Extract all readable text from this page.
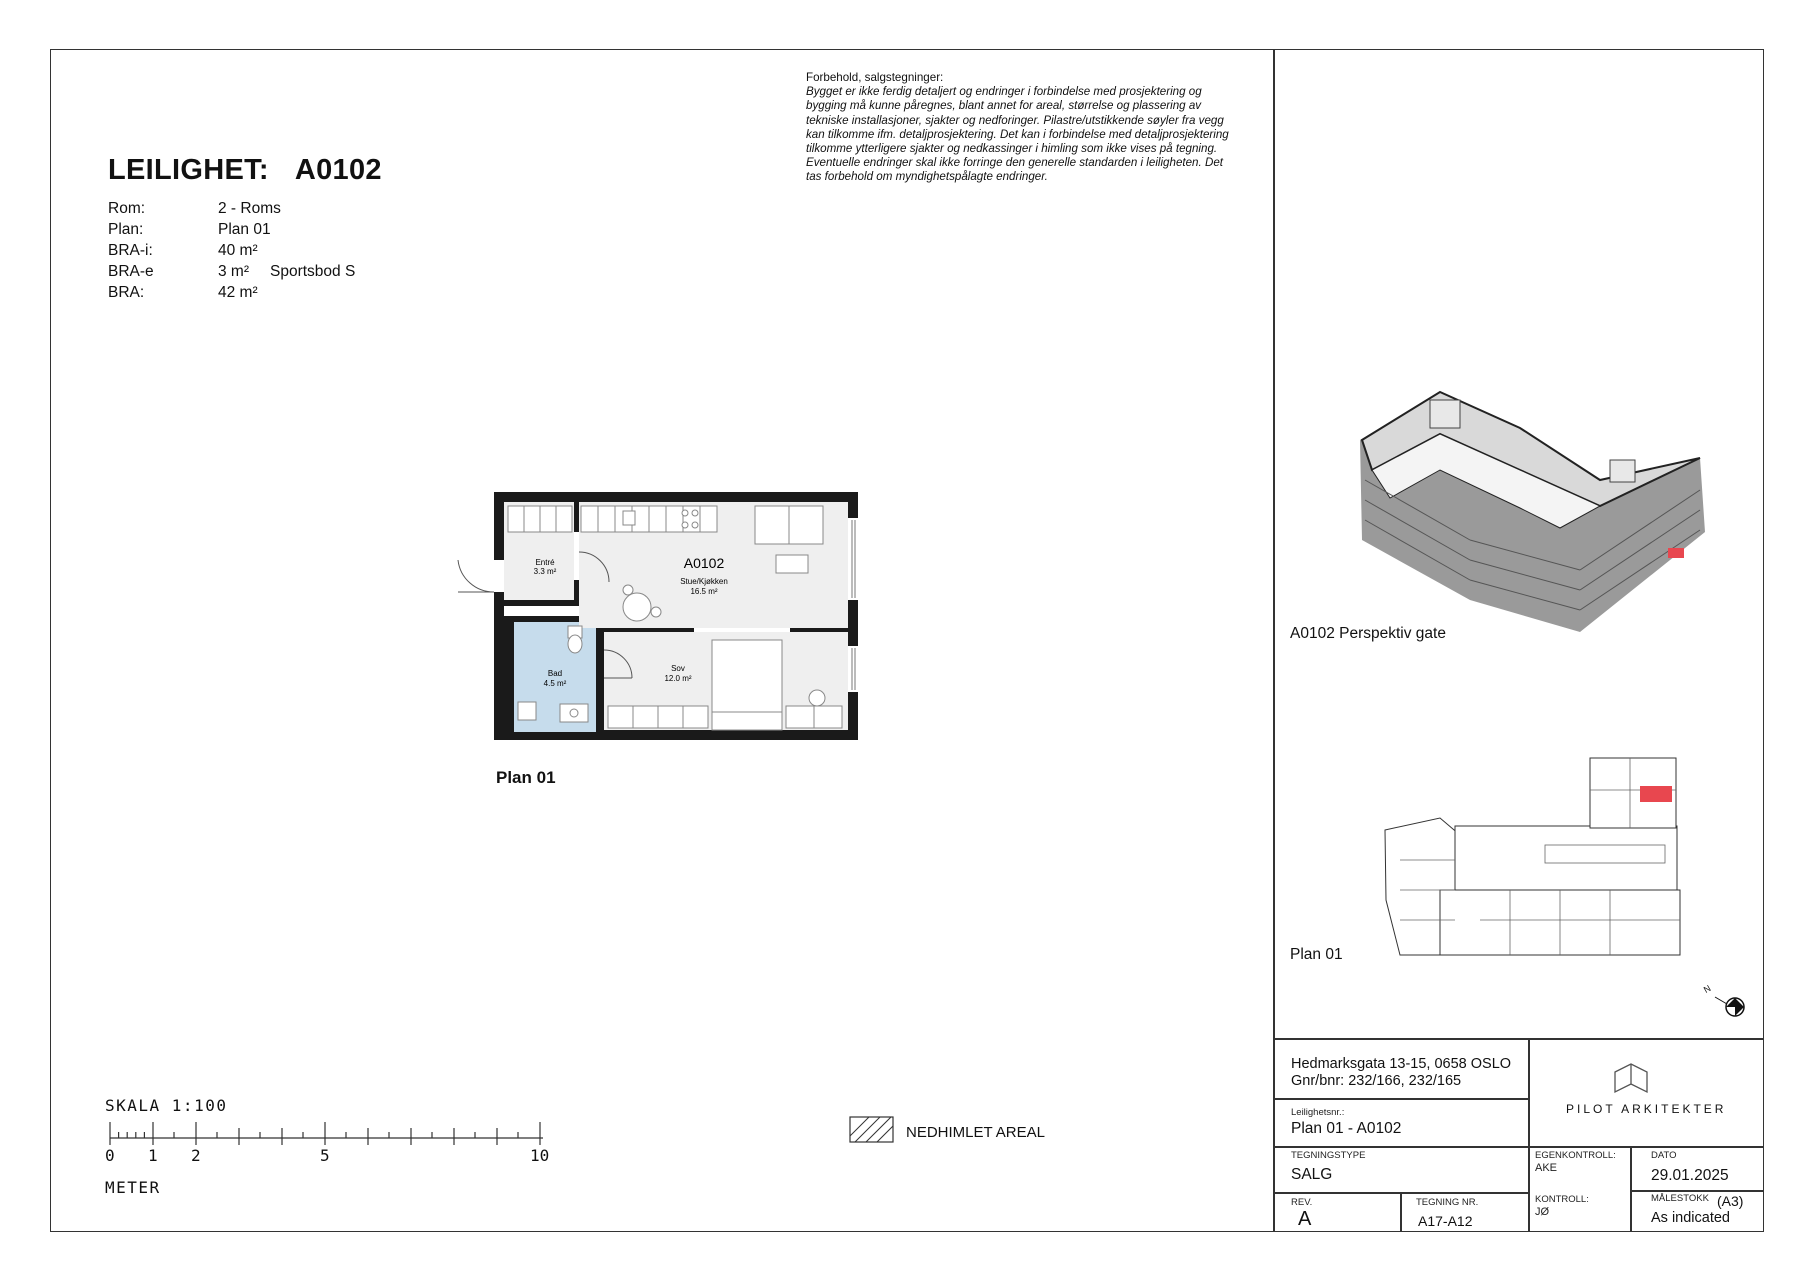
LEILIGHET: A0102
Rom:	2 - Roms
Plan:	Plan 01
BRA-i:	40 m²
BRA-e	3 m²	Sportsbod S
BRA:	42 m²
Forbehold, salgstegninger:
Bygget er ikke ferdig detaljert og endringer i forbindelse med prosjektering og
bygging må kunne påregnes, blant annet for areal, størrelse og plassering av
tekniske installasjoner, sjakter og nedforinger. Pilastre/utstikkende søyler fra vegg
kan tilkomme ifm. detaljprosjektering. Det kan i forbindelse med detaljprosjektering
tilkomme ytterligere sjakter og nedkassinger i himling som ikke vises på tegning.
Eventuelle endringer skal ikke forringe den generelle standarden i leiligheten. Det
tas forbehold om myndighetspålagte endringer.
A0102
Entré
3.3 m²
Stue/Kjøkken
16.5 m²
Bad
4.5 m²
Sov
12.0 m²
Plan 01
SKALA 1:100
0 1 2	5	10
METER
NEDHIMLET AREAL
A0102 Perspektiv gate
Plan 01
N
Hedmarksgata 13-15, 0658 OSLO
Gnr/bnr: 232/166, 232/165
Leilighetsnr.:
Plan 01 - A0102
PILOT ARKITEKTER
TEGNINGSTYPE
SALG
EGENKONTROLL:
AKE
DATO
29.01.2025
REV.
A
TEGNING NR.
A17-A12
KONTROLL:
JØ
MÅLESTOKK (A3)
As indicated
